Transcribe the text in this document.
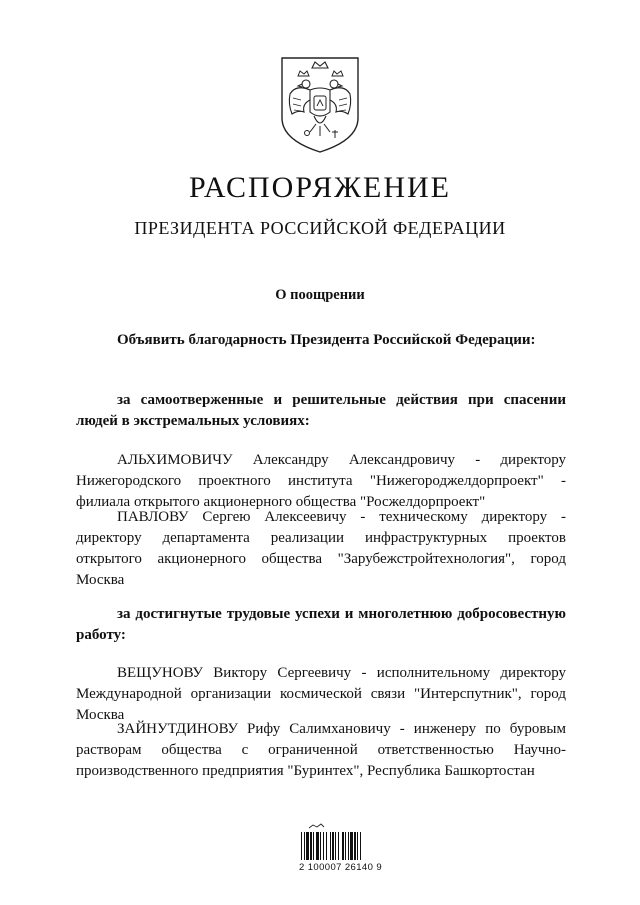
РАСПОРЯЖЕНИЕ
ПРЕЗИДЕНТА РОССИЙСКОЙ ФЕДЕРАЦИИ
О поощрении
Объявить благодарность Президента Российской Федерации:
за самоотверженные и решительные действия при спасении людей в экстремальных условиях:
АЛЬХИМОВИЧУ Александру Александровичу - директору Нижегородского проектного института "Нижегороджелдорпроект" - филиала открытого акционерного общества "Росжелдорпроект"
ПАВЛОВУ Сергею Алексеевичу - техническому директору - директору департамента реализации инфраструктурных проектов открытого акционерного общества "Зарубежстройтехнология", город Москва
за достигнутые трудовые успехи и многолетнюю добросовестную работу:
ВЕЩУНОВУ Виктору Сергеевичу - исполнительному директору Международной организации космической связи "Интерспутник", город Москва
ЗАЙНУТДИНОВУ Рифу Салимхановичу - инженеру по буровым растворам общества с ограниченной ответственностью Научно-производственного предприятия "Буринтех", Республика Башкортостан
2 100007 26140 9
